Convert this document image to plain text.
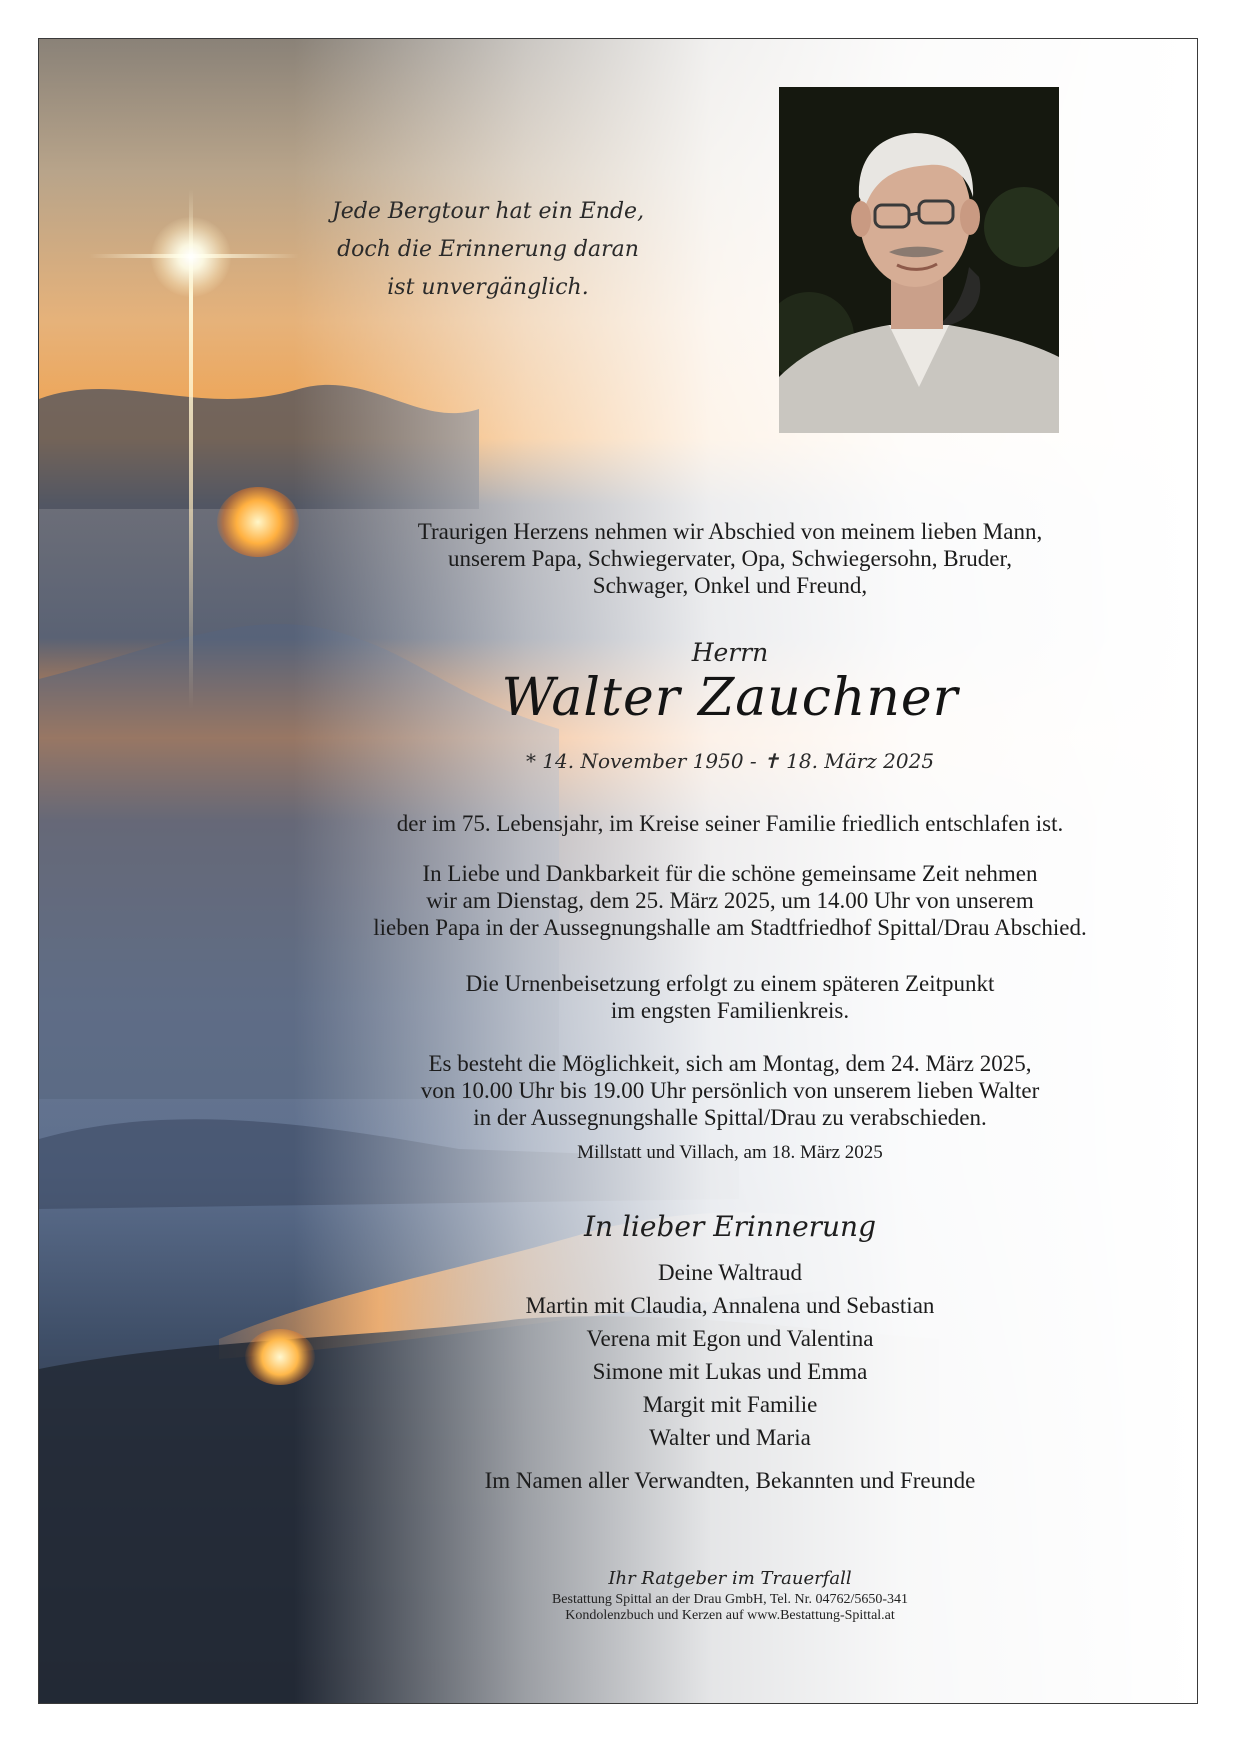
Jede Bergtour hat ein Ende,
doch die Erinnerung daran
ist unvergänglich.
Traurigen Herzens nehmen wir Abschied von meinem lieben Mann,
unserem Papa, Schwiegervater, Opa, Schwiegersohn, Bruder,
Schwager, Onkel und Freund,
Herrn
Walter Zauchner
* 14. November 1950 - ✝ 18. März 2025
der im 75. Lebensjahr, im Kreise seiner Familie friedlich entschlafen ist.
In Liebe und Dankbarkeit für die schöne gemeinsame Zeit nehmen
wir am Dienstag, dem 25. März 2025, um 14.00 Uhr von unserem
lieben Papa in der Aussegnungshalle am Stadtfriedhof Spittal/Drau Abschied.
Die Urnenbeisetzung erfolgt zu einem späteren Zeitpunkt
im engsten Familienkreis.
Es besteht die Möglichkeit, sich am Montag, dem 24. März 2025,
von 10.00 Uhr bis 19.00 Uhr persönlich von unserem lieben Walter
in der Aussegnungshalle Spittal/Drau zu verabschieden.
Millstatt und Villach, am 18. März 2025
In lieber Erinnerung
Deine Waltraud
Martin mit Claudia, Annalena und Sebastian
Verena mit Egon und Valentina
Simone mit Lukas und Emma
Margit mit Familie
Walter und Maria
Im Namen aller Verwandten, Bekannten und Freunde
Ihr Ratgeber im Trauerfall
Bestattung Spittal an der Drau GmbH, Tel. Nr. 04762/5650-341
Kondolenzbuch und Kerzen auf www.Bestattung-Spittal.at
